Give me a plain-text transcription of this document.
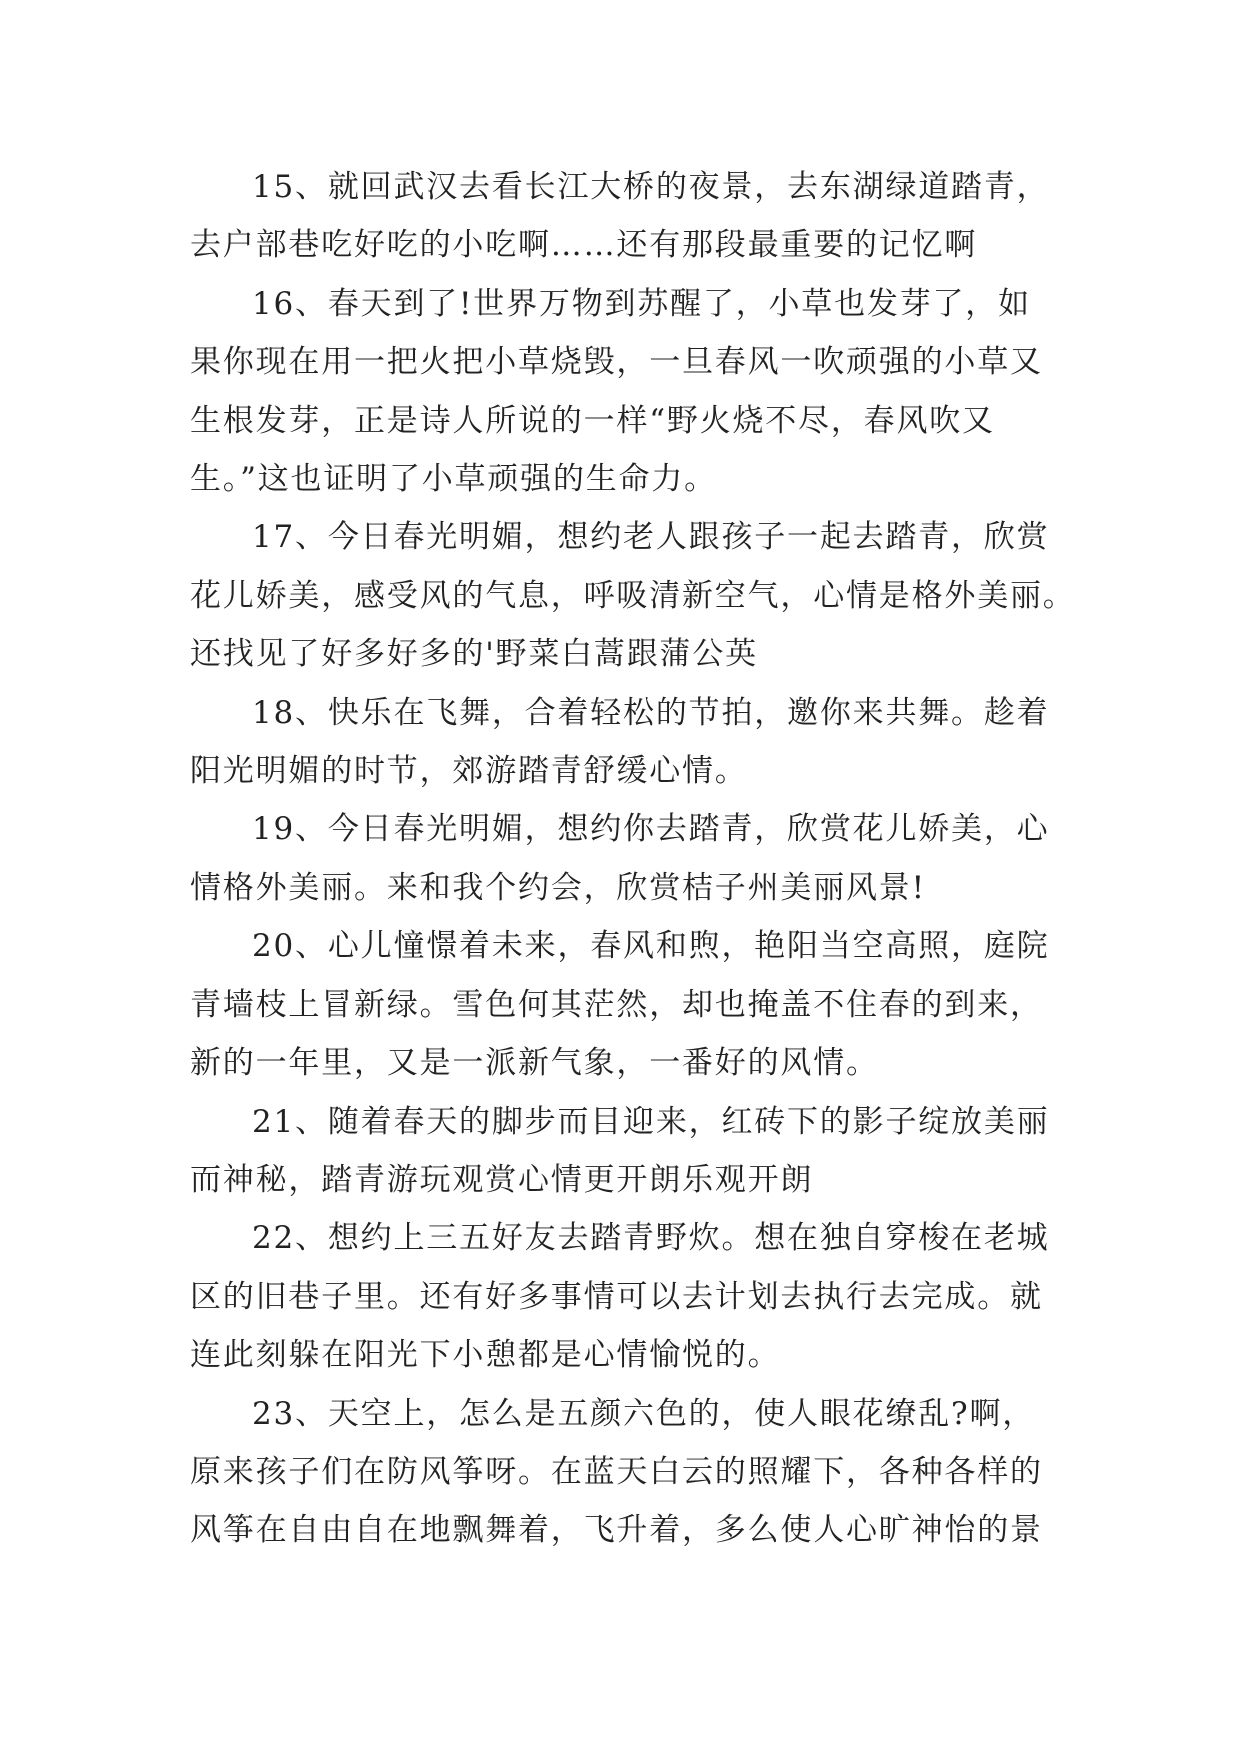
15、就回武汉去看长江大桥的夜景，去东湖绿道踏青，
去户部巷吃好吃的小吃啊……还有那段最重要的记忆啊

16、春天到了!世界万物到苏醒了，小草也发芽了，如
果你现在用一把火把小草烧毁，一旦春风一吹顽强的小草又
生根发芽，正是诗人所说的一样“野火烧不尽，春风吹又
生。”这也证明了小草顽强的生命力。

17、今日春光明媚，想约老人跟孩子一起去踏青，欣赏
花儿娇美，感受风的气息，呼吸清新空气，心情是格外美丽。
还找见了好多好多的'野菜白蒿跟蒲公英

18、快乐在飞舞，合着轻松的节拍，邀你来共舞。趁着
阳光明媚的时节，郊游踏青舒缓心情。

19、今日春光明媚，想约你去踏青，欣赏花儿娇美，心
情格外美丽。来和我个约会，欣赏桔子州美丽风景!

20、心儿憧憬着未来，春风和煦，艳阳当空高照，庭院
青墙枝上冒新绿。雪色何其茫然，却也掩盖不住春的到来，
新的一年里，又是一派新气象，一番好的风情。

21、随着春天的脚步而目迎来，红砖下的影子绽放美丽
而神秘，踏青游玩观赏心情更开朗乐观开朗

22、想约上三五好友去踏青野炊。想在独自穿梭在老城
区的旧巷子里。还有好多事情可以去计划去执行去完成。就
连此刻躲在阳光下小憩都是心情愉悦的。

23、天空上，怎么是五颜六色的，使人眼花缭乱?啊，
原来孩子们在防风筝呀。在蓝天白云的照耀下，各种各样的
风筝在自由自在地飘舞着，飞升着，多么使人心旷神怡的景
